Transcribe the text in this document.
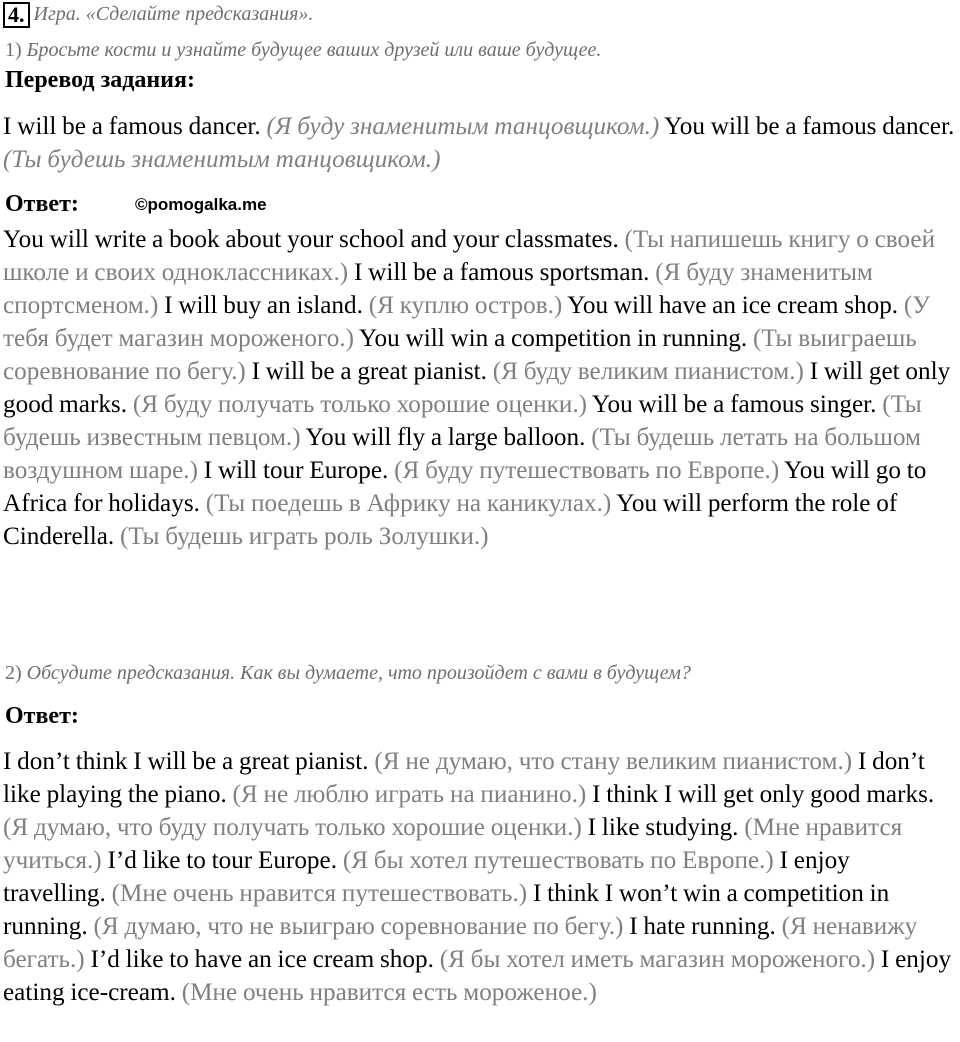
4. Игра. «Сделайте предсказания».
1) Бросьте кости и узнайте будущее ваших друзей или ваше будущее.
Перевод задания:
I will be a famous dancer. (Я буду знаменитым танцовщиком.) You will be a famous dancer. (Ты будешь знаменитым танцовщиком.)
Ответ:	©pomogalka.me
You will write a book about your school and your classmates. (Ты напишешь книгу о своей школе и своих одноклассниках.) I will be a famous sportsman. (Я буду знаменитым спортсменом.) I will buy an island. (Я куплю остров.) You will have an ice cream shop. (У тебя будет магазин мороженого.) You will win a competition in running. (Ты выиграешь соревнование по бегу.) I will be a great pianist. (Я буду великим пианистом.) I will get only good marks. (Я буду получать только хорошие оценки.) You will be a famous singer. (Ты будешь известным певцом.) You will fly a large balloon. (Ты будешь летать на большом воздушном шаре.) I will tour Europe. (Я буду путешествовать по Европе.) You will go to Africa for holidays. (Ты поедешь в Африку на каникулах.) You will perform the role of Cinderella. (Ты будешь играть роль Золушки.)
2) Обсудите предсказания. Как вы думаете, что произойдет с вами в будущем?
Ответ:
I don’t think I will be a great pianist. (Я не думаю, что стану великим пианистом.) I don’t like playing the piano. (Я не люблю играть на пианино.) I think I will get only good marks. (Я думаю, что буду получать только хорошие оценки.) I like studying. (Мне нравится учиться.) I’d like to tour Europe. (Я бы хотел путешествовать по Европе.) I enjoy travelling. (Мне очень нравится путешествовать.) I think I won’t win a competition in running. (Я думаю, что не выиграю соревнование по бегу.) I hate running. (Я ненавижу бегать.) I’d like to have an ice cream shop. (Я бы хотел иметь магазин мороженого.) I enjoy eating ice-cream. (Мне очень нравится есть мороженое.)
